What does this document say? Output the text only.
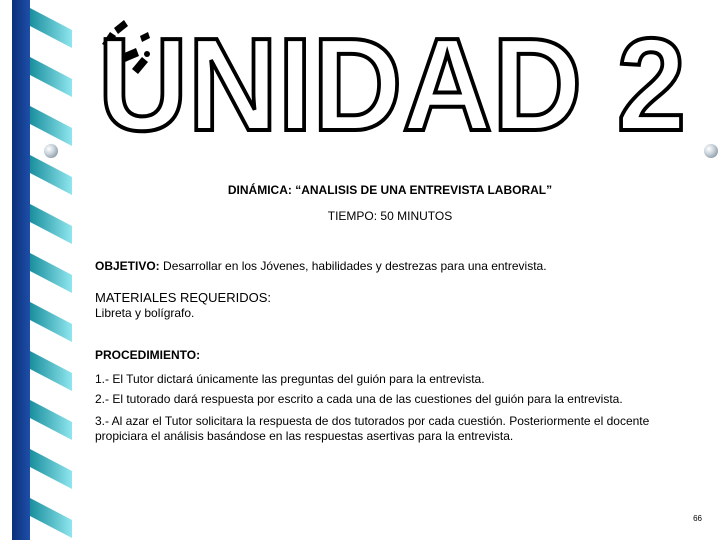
UNIDAD 2
DINÁMICA: “ANALISIS DE UNA ENTREVISTA LABORAL”
TIEMPO: 50 MINUTOS
OBJETIVO: Desarrollar en los Jóvenes, habilidades y destrezas para una entrevista.
MATERIALES REQUERIDOS:
Libreta y bolígrafo.
PROCEDIMIENTO:
1.- El Tutor dictará únicamente las preguntas del guión para la entrevista.
2.- El tutorado dará respuesta por escrito a cada una de las cuestiones del guión para la entrevista.
3.- Al azar el Tutor solicitara la respuesta de dos tutorados por cada cuestión. Posteriormente el docente propiciara el análisis basándose en las respuestas asertivas para la entrevista.
66
